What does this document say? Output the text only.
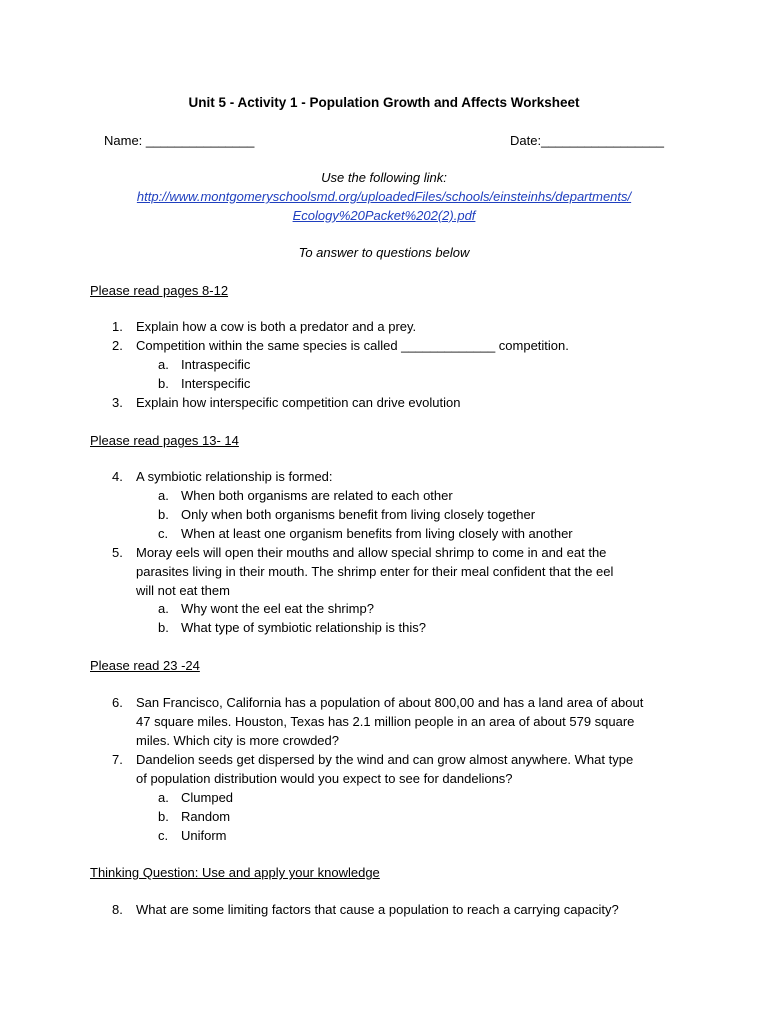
Unit 5 - Activity 1 - Population Growth and Affects Worksheet
Name: _______________	Date:_________________
Use the following link:
http://www.montgomeryschoolsmd.org/uploadedFiles/schools/einsteinhs/departments/
Ecology%20Packet%202(2).pdf
To answer to questions below
Please read pages 8-12
1. Explain how a cow is both a predator and a prey.
2. Competition within the same species is called _____________ competition.
a. Intraspecific
b. Interspecific
3. Explain how interspecific competition can drive evolution
Please read pages 13- 14
4. A symbiotic relationship is formed:
a. When both organisms are related to each other
b. Only when both organisms benefit from living closely together
c. When at least one organism benefits from living closely with another
5. Moray eels will open their mouths and allow special shrimp to come in and eat the
parasites living in their mouth. The shrimp enter for their meal confident that the eel
will not eat them
a. Why wont the eel eat the shrimp?
b. What type of symbiotic relationship is this?
Please read 23 -24
6. San Francisco, California has a population of about 800,00 and has a land area of about
47 square miles. Houston, Texas has 2.1 million people in an area of about 579 square
miles. Which city is more crowded?
7. Dandelion seeds get dispersed by the wind and can grow almost anywhere. What type
of population distribution would you expect to see for dandelions?
a. Clumped
b. Random
c. Uniform
Thinking Question: Use and apply your knowledge
8. What are some limiting factors that cause a population to reach a carrying capacity?
